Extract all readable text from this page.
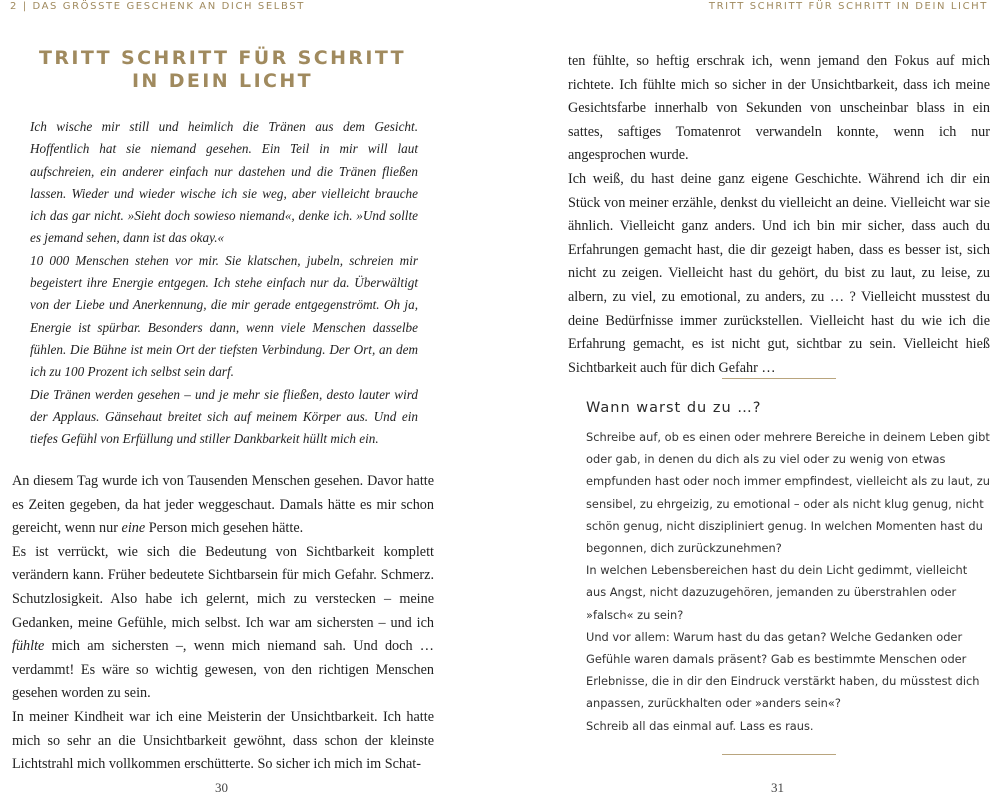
2 | DAS GRÖSSTE GESCHENK AN DICH SELBST
TRITT SCHRITT FÜR SCHRITT
IN DEIN LICHT

Ich wische mir still und heimlich die Tränen aus dem Gesicht. Hoffentlich hat sie niemand gesehen. Ein Teil in mir will laut aufschreien, ein anderer einfach nur dastehen und die Tränen fließen lassen. Wieder und wieder wische ich sie weg, aber vielleicht brauche ich das gar nicht. »Sieht doch sowieso niemand«, denke ich. »Und sollte es jemand sehen, dann ist das okay.«

10 000 Menschen stehen vor mir. Sie klatschen, jubeln, schreien mir begeistert ihre Energie entgegen. Ich stehe einfach nur da. Überwältigt von der Liebe und Anerkennung, die mir gerade entgegenströmt. Oh ja, Energie ist spürbar. Besonders dann, wenn viele Menschen dasselbe fühlen. Die Bühne ist mein Ort der tiefsten Verbindung. Der Ort, an dem ich zu 100 Prozent ich selbst sein darf.

Die Tränen werden gesehen – und je mehr sie fließen, desto lauter wird der Applaus. Gänsehaut breitet sich auf meinem Körper aus. Und ein tiefes Gefühl von Erfüllung und stiller Dankbarkeit hüllt mich ein.

An diesem Tag wurde ich von Tausenden Menschen gesehen. Davor hatte es Zeiten gegeben, da hat jeder weggeschaut. Damals hätte es mir schon gereicht, wenn nur eine Person mich gesehen hätte.

Es ist verrückt, wie sich die Bedeutung von Sichtbarkeit komplett verändern kann. Früher bedeutete Sichtbarsein für mich Gefahr. Schmerz. Schutzlosigkeit. Also habe ich gelernt, mich zu verstecken – meine Gedanken, meine Gefühle, mich selbst. Ich war am sichersten – und ich fühlte mich am sichersten –, wenn mich niemand sah. Und doch … verdammt! Es wäre so wichtig gewesen, von den richtigen Menschen gesehen worden zu sein.

In meiner Kindheit war ich eine Meisterin der Unsichtbarkeit. Ich hatte mich so sehr an die Unsichtbarkeit gewöhnt, dass schon der kleinste Lichtstrahl mich vollkommen erschütterte. So sicher ich mich im Schat-

30
TRITT SCHRITT FÜR SCHRITT IN DEIN LICHT

ten fühlte, so heftig erschrak ich, wenn jemand den Fokus auf mich richtete. Ich fühlte mich so sicher in der Unsichtbarkeit, dass ich meine Gesichtsfarbe innerhalb von Sekunden von unscheinbar blass in ein sattes, saftiges Tomatenrot verwandeln konnte, wenn ich nur angesprochen wurde.

Ich weiß, du hast deine ganz eigene Geschichte. Während ich dir ein Stück von meiner erzähle, denkst du vielleicht an deine. Vielleicht war sie ähnlich. Vielleicht ganz anders. Und ich bin mir sicher, dass auch du Erfahrungen gemacht hast, die dir gezeigt haben, dass es besser ist, sich nicht zu zeigen. Vielleicht hast du gehört, du bist zu laut, zu leise, zu albern, zu viel, zu emotional, zu anders, zu … ? Vielleicht musstest du deine Bedürfnisse immer zurückstellen. Vielleicht hast du wie ich die Erfahrung gemacht, es ist nicht gut, sichtbar zu sein. Vielleicht hieß Sichtbarkeit auch für dich Gefahr …

Wann warst du zu …?

Schreibe auf, ob es einen oder mehrere Bereiche in deinem Leben gibt oder gab, in denen du dich als zu viel oder zu wenig von etwas empfunden hast oder noch immer empfindest, vielleicht als zu laut, zu sensibel, zu ehrgeizig, zu emotional – oder als nicht klug genug, nicht schön genug, nicht diszipliniert genug. In welchen Momenten hast du begonnen, dich zurückzunehmen?

In welchen Lebensbereichen hast du dein Licht gedimmt, vielleicht aus Angst, nicht dazuzugehören, jemanden zu überstrahlen oder »falsch« zu sein?

Und vor allem: Warum hast du das getan? Welche Gedanken oder Gefühle waren damals präsent? Gab es bestimmte Menschen oder Erlebnisse, die in dir den Eindruck verstärkt haben, du müsstest dich anpassen, zurückhalten oder »anders sein«?

Schreib all das einmal auf. Lass es raus.

31
